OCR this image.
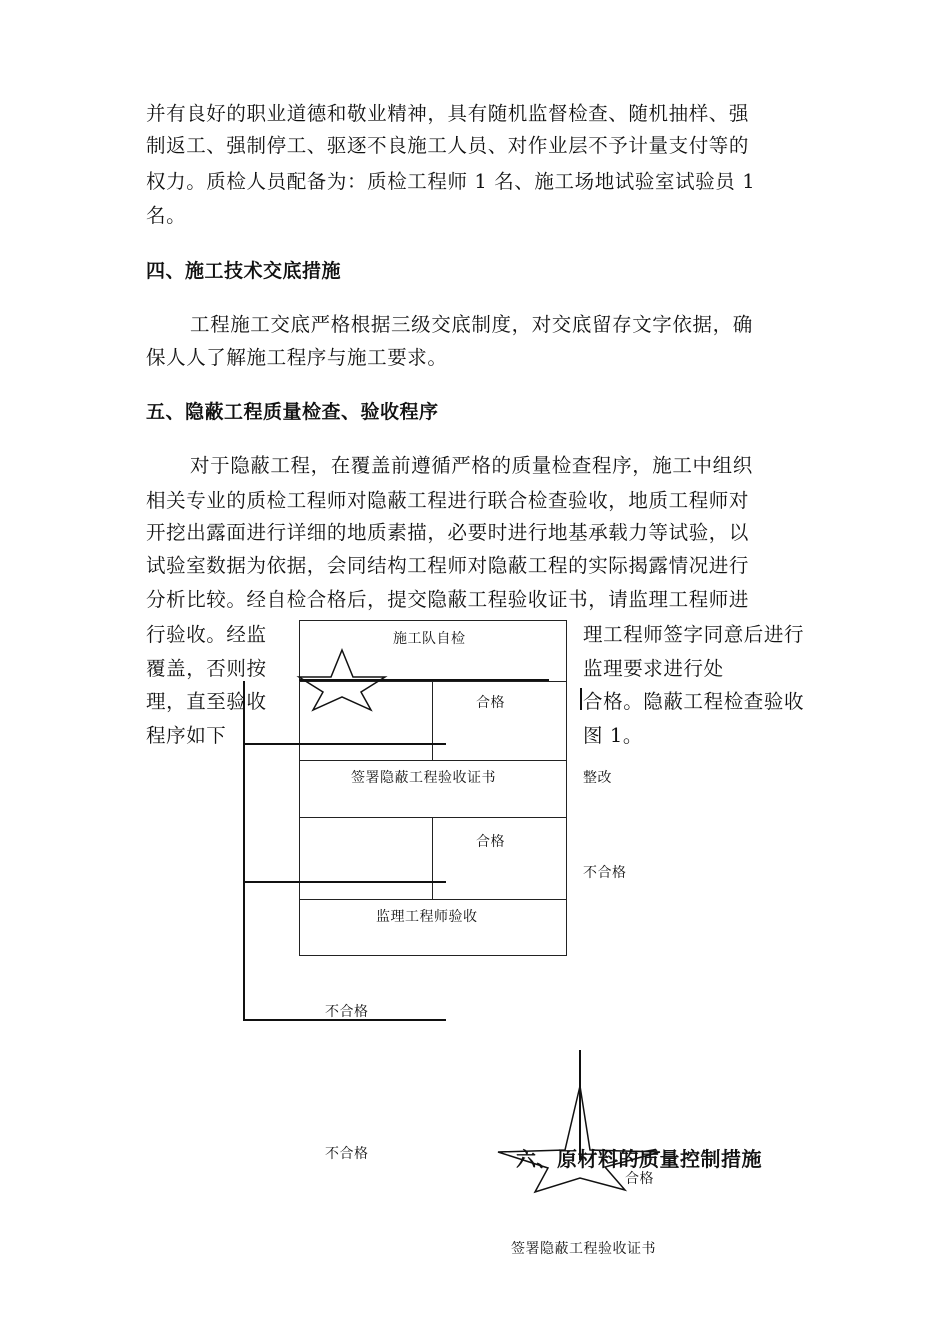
并有良好的职业道德和敬业精神，具有随机监督检查、随机抽样、强
制返工、强制停工、驱逐不良施工人员、对作业层不予计量支付等的
权力。质检人员配备为：质检工程师 1 名、施工场地试验室试验员 1
名。
四、施工技术交底措施
工程施工交底严格根据三级交底制度，对交底留存文字依据，确
保人人了解施工程序与施工要求。
五、隐蔽工程质量检查、验收程序
对于隐蔽工程，在覆盖前遵循严格的质量检查程序，施工中组织
相关专业的质检工程师对隐蔽工程进行联合检查验收，地质工程师对
开挖出露面进行详细的地质素描，必要时进行地基承载力等试验，以
试验室数据为依据，会同结构工程师对隐蔽工程的实际揭露情况进行
分析比较。经自检合格后，提交隐蔽工程验收证书，请监理工程师进
行验收。经监
覆盖，否则按
理，直至验收
程序如下
理工程师签字同意后进行
监理要求进行处
合格。隐蔽工程检查验收
图 1。
施工队自检
合格
签署隐蔽工程验收证书	整改
合格
不合格
监理工程师验收
不合格
不合格
合格
六、原材料的质量控制措施
签署隐蔽工程验收证书
